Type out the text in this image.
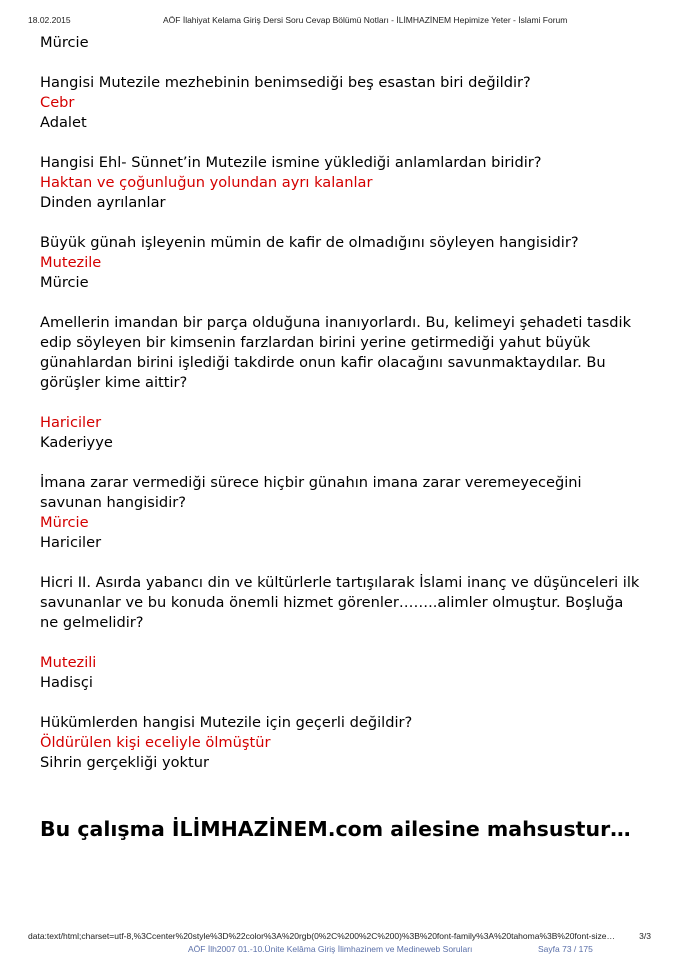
18.02.2015	AÖF İlahiyat Kelama Giriş Dersi Soru Cevap Bölümü Notları - İLİMHAZİNEM Hepimize Yeter - İslami Forum
Mürcie
Hangisi Mutezile mezhebinin benimsediği beş esastan biri değildir?
Cebr
Adalet
Hangisi Ehl- Sünnet’in Mutezile ismine yüklediği anlamlardan biridir?
Haktan ve çoğunluğun yolundan ayrı kalanlar
Dinden ayrılanlar
Büyük günah işleyenin mümin de kafir de olmadığını söyleyen hangisidir?
Mutezile
Mürcie
Amellerin imandan bir parça olduğuna inanıyorlardı. Bu, kelimeyi şehadeti tasdik edip söyleyen bir kimsenin farzlardan birini yerine getirmediği yahut büyük günahlardan birini işlediği takdirde onun kafir olacağını savunmaktaydılar. Bu görüşler kime aittir?
Hariciler
Kaderiyye
İmana zarar vermediği sürece hiçbir günahın imana zarar veremeyeceğini savunan hangisidir?
Mürcie
Hariciler
Hicri II. Asırda yabancı din ve kültürlerle tartışılarak İslami inanç ve düşünceleri ilk savunanlar ve bu konuda önemli hizmet görenler……..alimler olmuştur. Boşluğa ne gelmelidir?
Mutezili
Hadisçi
Hükümlerden hangisi Mutezile için geçerli değildir?
Öldürülen kişi eceliyle ölmüştür
Sihrin gerçekliği yoktur
Bu çalışma İLİMHAZİNEM.com ailesine mahsustur…
data:text/html;charset=utf-8,%3Ccenter%20style%3D%22color%3A%20rgb(0%2C%200%2C%200)%3B%20font-family%3A%20tahoma%3B%20font-size…	3/3
AÖF İlh2007 01.-10.Ünite Kelâma Giriş İlimhazinem ve Medineweb Soruları	Sayfa 73 / 175
